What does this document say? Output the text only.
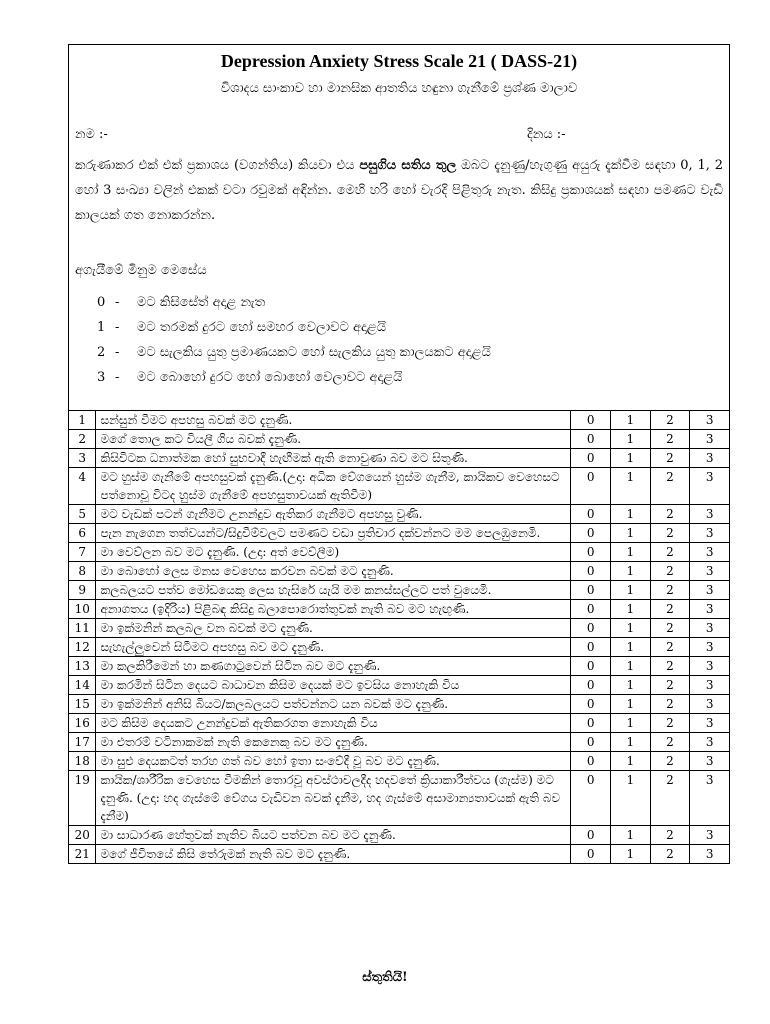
Depression Anxiety Stress Scale 21 ( DASS-21)
විශාදය සාංකාව හා මානසික ආතතිය හඳුනා ගැනීමේ ප්‍රශ්ණ මාලාව
නම :-	දිනය :-
කරුණාකර එක් එක් ප්‍රකාශය (වගන්තිය) කියවා එය පසුගිය සතිය තුල ඔබට දැනුණු/හැගුණු අයුරු දැක්වීම සඳහා 0, 1, 2 හෝ 3 සංඛ්‍යා වලින් එකක් වටා රවුමක් අඳින්න. මෙහි හරි හෝ වැරදි පිළිතුරු නැත. කිසිදු ප්‍රකාශයක් සඳහා පමණට වැඩි කාලයක් ගත නොකරන්න.
අගැයීමේ මිනුම මෙසේය
0 -	මට කිසිසේත් අදාළ නැත
1 -	මට තරමක් දුරට හෝ සමහර වෙලාවට අදාළයි
2 -	මට සැලකිය යුතු ප්‍රමාණයකට හෝ සැලකිය යුතු කාලයකට අදාළයි
3 -	මට බොහෝ දුරට හෝ බොහෝ වෙලාවට අදාළයි
1	සන්සුන් වීමට අපහසු බවක් මට දැනුණි.	0	1	2	3
2	මගේ තොල කට වියලී ගිය බවක් දැනුණි.	0	1	2	3
3	කිසිවිටක ධනාත්මක හෝ සුභවාදී හැඟීමක් ඇති නොවුණා බව මට සිතුණි.	0	1	2	3
4	මට හුස්ම ගැනීමේ අපහසුවක් දැනුණි.(උදා: අධික වේගයෙන් හුස්ම ගැනීම, කායිකව වෙහෙසට පත්නොවූ විටද හුස්ම ගැනීමේ අපහසුතාවයක් ඇතිවීම)	0	1	2	3
5	මට වැඩක් පටන් ගැනීමට උනන්දුව ඇතිකර ගැනීමට අපහසු වුණි.	0	1	2	3
6	පැන නැගෙන තත්වයන්ට/සිදුවීම්වලට පමණට වඩා ප්‍රතිචාර දක්වන්නට මම පෙලඹුනෙමි.	0	1	2	3
7	මා වෙව්ලන බව මට දැනුණි. (උදා: අත් වෙව්ලීම)	0	1	2	3
8	මා බොහෝ ලෙස මනස වෙහෙස කරවන බවක් මට දැනුණි.	0	1	2	3
9	කලබලයට පත්ව මෝඩයෙකු ලෙස හැසිරේ යැයි මම කනස්සල්ලට පත් වුයෙමි.	0	1	2	3
10	අනාගතය (ඉදිරිය) පිළිබඳ කිසිදු බලාපොරොත්තුවක් නැති බව මට හැඟුණි.	0	1	2	3
11	මා ඉක්මනින් කලබල වන බවක් මට දැනුණි.	0	1	2	3
12	සැහැල්ලුවෙන් සිටීමට අපහසු බව මට දැනුණි.	0	1	2	3
13	මා කලකිරීමෙන් හා කණගාටුවෙන් සිටින බව මට දැනුණි.	0	1	2	3
14	මා කරමින් සිටින දෙයට බාධාවන කිසිම දෙයක් මට ඉවසිය නොහැකි විය	0	1	2	3
15	මා ඉක්මනින් අනිසි බියට/කලබලයට පත්වන්නට යන බවක් මට දැනුණි.	0	1	2	3
16	මට කිසිම දෙයකට උනන්දුවක් ඇතිකරගත නොහැකි විය	0	1	2	3
17	මා එතරම් වටිනාකමක් නැති කෙනෙකු බව මට දැනුණි.	0	1	2	3
18	මා සුළු දෙයකටත් තරහ ගත් බව හෝ ඉතා සංවේදී වූ බව මට දැනුණි.	0	1	2	3
19	කායික/ශාරීරික වෙහෙස වීමකින් තොරවූ අවස්ථාවලදීද හදවතේ ක්‍රියාකාරීත්වය (ගැස්ම) මට දැනුණි. (උදා: හද ගැස්මේ වේගය වැඩිවන බවක් දැනීම, හද ගැස්මේ අසාමාන්‍යතාවයක් ඇති බව දැනීම)	0	1	2	3
20	මා සාධාරණ හේතුවක් නැතිව බියට පත්වන බව මට දැනුණි.	0	1	2	3
21	මගේ ජීවිතයේ කිසි තේරුමක් නැති බව මට දැනුණි.	0	1	2	3
ස්තුතියි!
